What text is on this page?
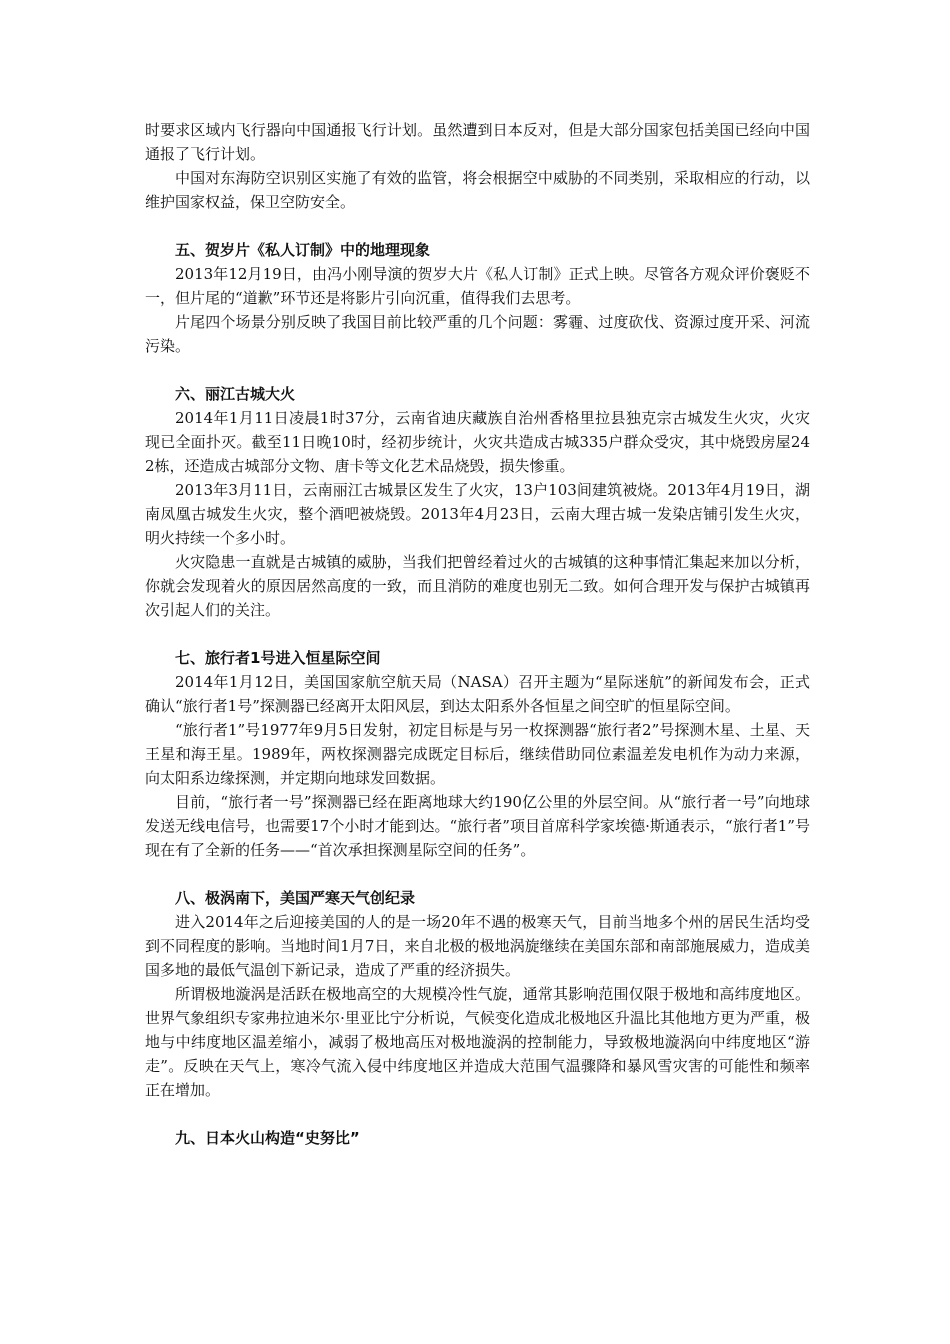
时要求区域内飞行器向中国通报飞行计划。虽然遭到日本反对，但是大部分国家包括美国已经向中国通报了飞行计划。

中国对东海防空识别区实施了有效的监管，将会根据空中威胁的不同类别，采取相应的行动，以维护国家权益，保卫空防安全。

五、贺岁片《私人订制》中的地理现象

2013年12月19日，由冯小刚导演的贺岁大片《私人订制》正式上映。尽管各方观众评价褒贬不一，但片尾的“道歉”环节还是将影片引向沉重，值得我们去思考。

片尾四个场景分别反映了我国目前比较严重的几个问题：雾霾、过度砍伐、资源过度开采、河流污染。

六、丽江古城大火

2014年1月11日凌晨1时37分，云南省迪庆藏族自治州香格里拉县独克宗古城发生火灾，火灾现已全面扑灭。截至11日晚10时，经初步统计，火灾共造成古城335户群众受灾，其中烧毁房屋242栋，还造成古城部分文物、唐卡等文化艺术品烧毁，损失惨重。

2013年3月11日，云南丽江古城景区发生了火灾，13户103间建筑被烧。2013年4月19日，湖南凤凰古城发生火灾，整个酒吧被烧毁。2013年4月23日，云南大理古城一发染店铺引发生火灾，明火持续一个多小时。

火灾隐患一直就是古城镇的威胁，当我们把曾经着过火的古城镇的这种事情汇集起来加以分析，你就会发现着火的原因居然高度的一致，而且消防的难度也别无二致。如何合理开发与保护古城镇再次引起人们的关注。

七、旅行者1号进入恒星际空间

2014年1月12日，美国国家航空航天局（NASA）召开主题为“星际迷航”的新闻发布会，正式确认“旅行者1号”探测器已经离开太阳风层，到达太阳系外各恒星之间空旷的恒星际空间。

“旅行者1”号1977年9月5日发射，初定目标是与另一枚探测器“旅行者2”号探测木星、土星、天王星和海王星。1989年，两枚探测器完成既定目标后，继续借助同位素温差发电机作为动力来源，向太阳系边缘探测，并定期向地球发回数据。

目前，“旅行者一号”探测器已经在距离地球大约190亿公里的外层空间。从“旅行者一号”向地球发送无线电信号，也需要17个小时才能到达。“旅行者”项目首席科学家埃德·斯通表示，“旅行者1”号现在有了全新的任务——“首次承担探测星际空间的任务”。

八、极涡南下，美国严寒天气创纪录

进入2014年之后迎接美国的人的是一场20年不遇的极寒天气，目前当地多个州的居民生活均受到不同程度的影响。当地时间1月7日，来自北极的极地涡旋继续在美国东部和南部施展威力，造成美国多地的最低气温创下新记录，造成了严重的经济损失。

所谓极地漩涡是活跃在极地高空的大规模冷性气旋，通常其影响范围仅限于极地和高纬度地区。世界气象组织专家弗拉迪米尔·里亚比宁分析说，气候变化造成北极地区升温比其他地方更为严重，极地与中纬度地区温差缩小，减弱了极地高压对极地漩涡的控制能力，导致极地漩涡向中纬度地区“游走”。反映在天气上，寒冷气流入侵中纬度地区并造成大范围气温骤降和暴风雪灾害的可能性和频率正在增加。

九、日本火山构造“史努比”
